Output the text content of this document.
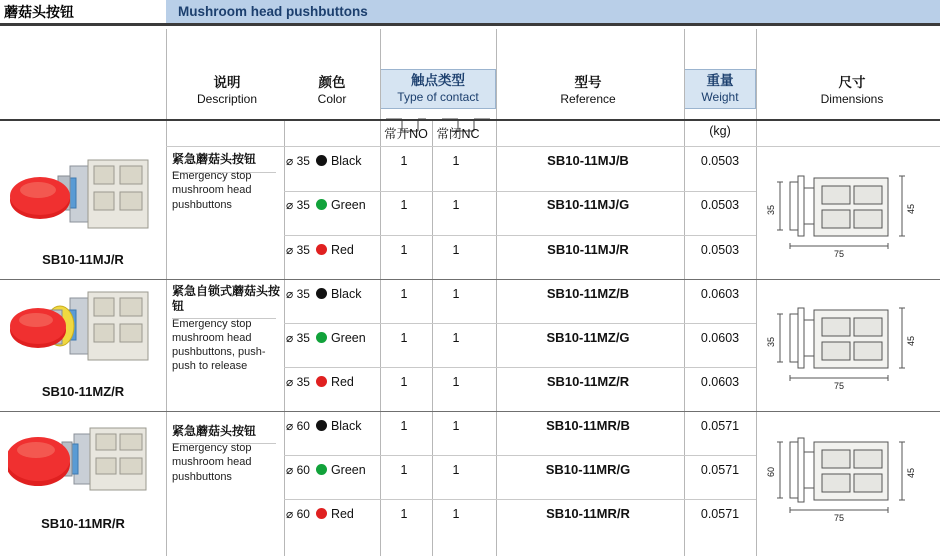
蘑菇头按钮	Mushroom head pushbuttons
说明
Description
颜色
Color
触点类型
Type of contact
型号
Reference
重量
Weight
尺寸
Dimensions
常开NO 常闭NC	(kg)
SB10-11MJ/R
紧急蘑菇头按钮
Emergency stop mushroom head pushbuttons
⌀ 35 Black	1	1	SB10-11MJ/B	0.0503
⌀ 35 Green	1	1	SB10-11MJ/G	0.0503
⌀ 35 Red	1	1	SB10-11MJ/R	0.0503
35	45
75
SB10-11MZ/R
紧急自锁式蘑菇头按钮
Emergency stop mushroom head pushbuttons, push-push to release
⌀ 35 Black	1	1	SB10-11MZ/B	0.0603
⌀ 35 Green	1	1	SB10-11MZ/G	0.0603
⌀ 35 Red	1	1	SB10-11MZ/R	0.0603
35	45
75
SB10-11MR/R
紧急蘑菇头按钮
Emergency stop mushroom head pushbuttons
⌀ 60 Black	1	1	SB10-11MR/B	0.0571
⌀ 60 Green	1	1	SB10-11MR/G	0.0571
⌀ 60 Red	1	1	SB10-11MR/R	0.0571
60	45
75
